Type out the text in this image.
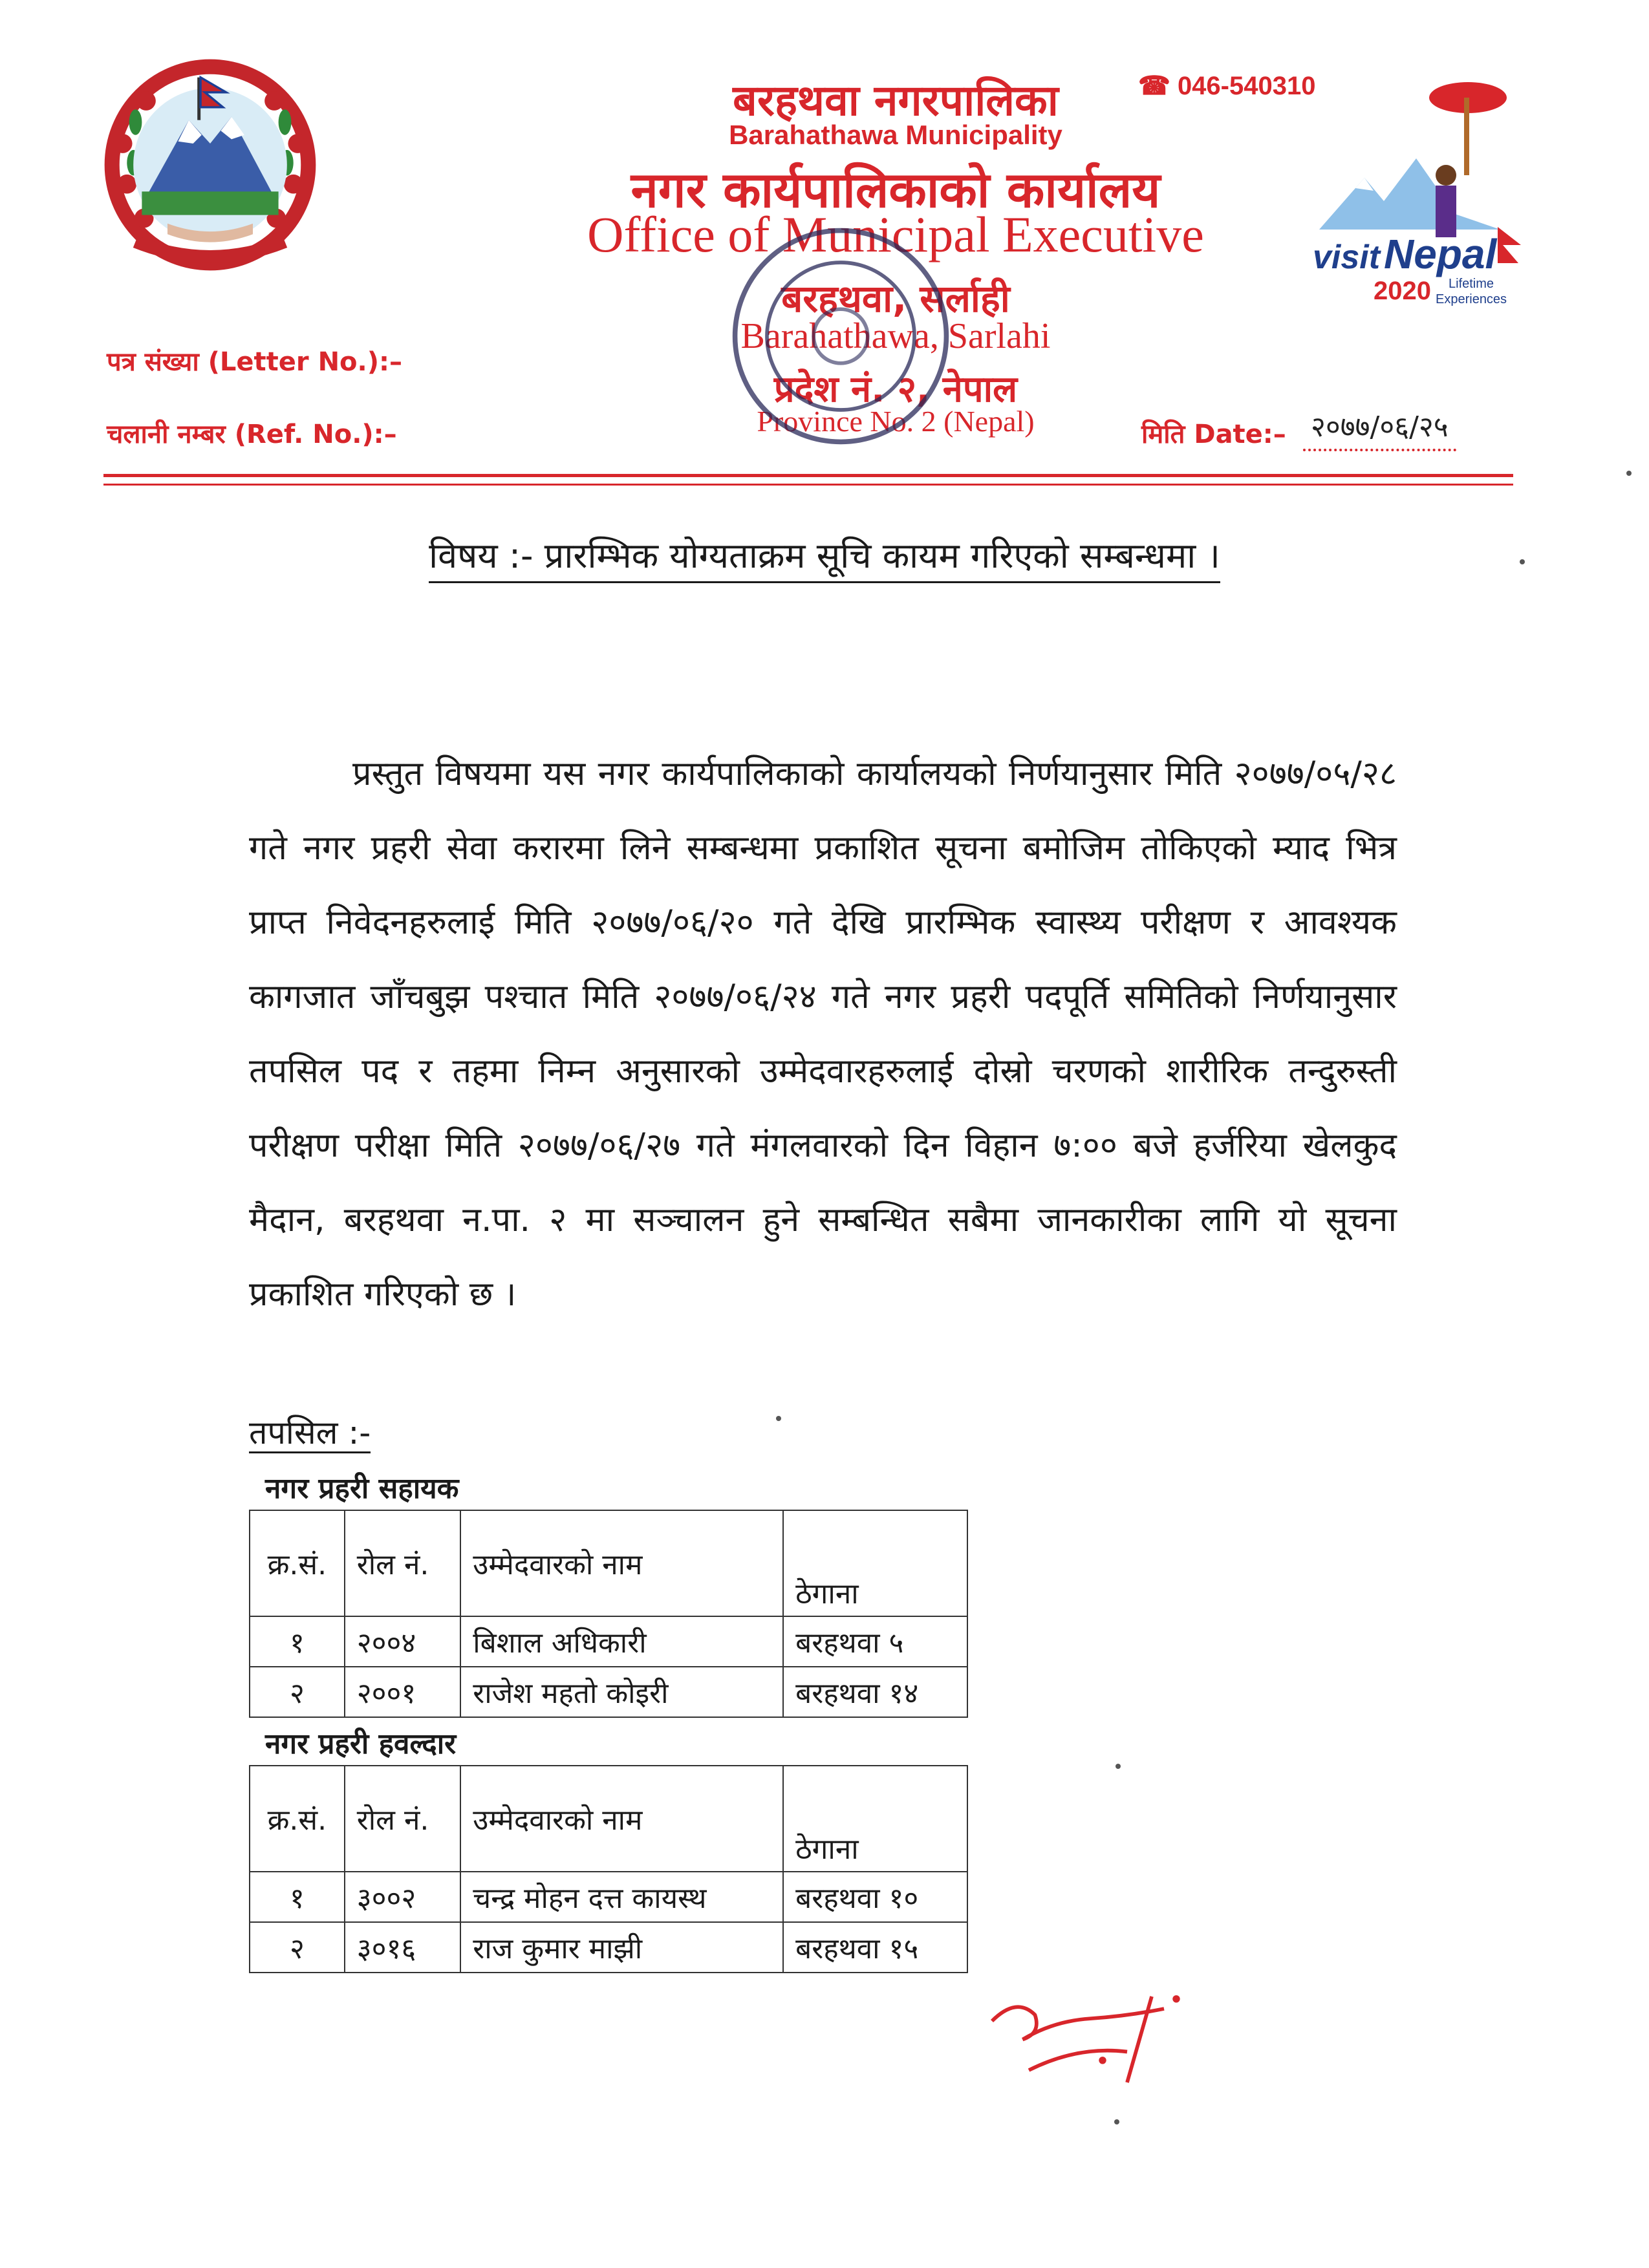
visit Nepal
2020	Lifetime
Experiences
बरहथवा नगरपालिका
Barahathawa Municipality
नगर कार्यपालिकाको कार्यालय
Office of Municipal Executive
बरहथवा, सर्लाही
Barahathawa, Sarlahi
प्रदेश नं. २, नेपाल
Province No. 2 (Nepal)
☎ 046-540310
पत्र संख्या (Letter No.):–
चलानी नम्बर (Ref. No.):–	मिति Date:– २०७७/०६/२५
विषय :- प्रारम्भिक योग्यताक्रम सूचि कायम गरिएको सम्बन्धमा ।
प्रस्तुत विषयमा यस नगर कार्यपालिकाको कार्यालयको निर्णयानुसार मिति २०७७/०५/२८ गते नगर प्रहरी सेवा करारमा लिने सम्बन्धमा प्रकाशित सूचना बमोजिम तोकिएको म्याद भित्र प्राप्त निवेदनहरुलाई मिति २०७७/०६/२० गते देखि प्रारम्भिक स्वास्थ्य परीक्षण र आवश्यक कागजात जाँचबुझ पश्चात मिति २०७७/०६/२४ गते नगर प्रहरी पदपूर्ति समितिको निर्णयानुसार तपसिल पद र तहमा निम्न अनुसारको उम्मेदवारहरुलाई दोस्रो चरणको शारीरिक तन्दुरुस्ती परीक्षण परीक्षा मिति २०७७/०६/२७ गते मंगलवारको दिन विहान ७:०० बजे हर्जरिया खेलकुद मैदान, बरहथवा न.पा. २ मा सञ्चालन हुने सम्बन्धित सबैमा जानकारीका लागि यो सूचना प्रकाशित गरिएको छ ।
तपसिल :-
नगर प्रहरी सहायक
क्र.सं.	रोल नं.	उम्मेदवारको नाम	ठेगाना
१	२००४	बिशाल अधिकारी	बरहथवा ५
२	२००१	राजेश महतो कोइरी	बरहथवा १४
नगर प्रहरी हवल्दार
क्र.सं.	रोल नं.	उम्मेदवारको नाम	ठेगाना
१	३००२	चन्द्र मोहन दत्त कायस्थ	बरहथवा १०
२	३०१६	राज कुमार माझी	बरहथवा १५
